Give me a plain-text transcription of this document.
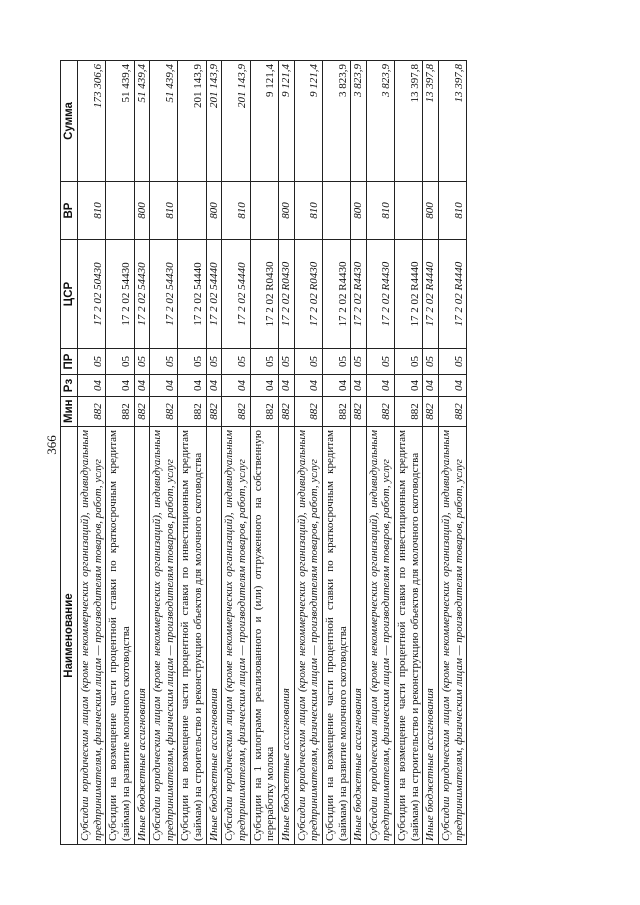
366
Наименование	Мин	Рз	ПР	ЦСР	ВР	Сумма
Субсидии юридическим лицам (кроме некоммерческих организаций), индивидуальным предпринимателям, физическим лицам — производителям товаров, работ, услуг	882	04	05	17 2 02 50430	810	173 306,6
Субсидии на возмещение части процентной ставки по краткосрочным кредитам (займам) на развитие молочного скотоводства	882	04	05	17 2 02 54430		51 439,4
Иные бюджетные ассигнования	882	04	05	17 2 02 54430	800	51 439,4
Субсидии юридическим лицам (кроме некоммерческих организаций), индивидуальным предпринимателям, физическим лицам — производителям товаров, работ, услуг	882	04	05	17 2 02 54430	810	51 439,4
Субсидии на возмещение части процентной ставки по инвестиционным кредитам (займам) на строительство и реконструкцию объектов для молочного скотоводства	882	04	05	17 2 02 54440		201 143,9
Иные бюджетные ассигнования	882	04	05	17 2 02 54440	800	201 143,9
Субсидии юридическим лицам (кроме некоммерческих организаций), индивидуальным предпринимателям, физическим лицам — производителям товаров, работ, услуг	882	04	05	17 2 02 54440	810	201 143,9
Субсидии на 1 килограмм реализованного и (или) отгруженного на собственную переработку молока	882	04	05	17 2 02 R0430		9 121,4
Иные бюджетные ассигнования	882	04	05	17 2 02 R0430	800	9 121,4
Субсидии юридическим лицам (кроме некоммерческих организаций), индивидуальным предпринимателям, физическим лицам — производителям товаров, работ, услуг	882	04	05	17 2 02 R0430	810	9 121,4
Субсидии на возмещение части процентной ставки по краткосрочным кредитам (займам) на развитие молочного скотоводства	882	04	05	17 2 02 R4430		3 823,9
Иные бюджетные ассигнования	882	04	05	17 2 02 R4430	800	3 823,9
Субсидии юридическим лицам (кроме некоммерческих организаций), индивидуальным предпринимателям, физическим лицам — производителям товаров, работ, услуг	882	04	05	17 2 02 R4430	810	3 823,9
Субсидии на возмещение части процентной ставки по инвестиционным кредитам (займам) на строительство и реконструкцию объектов для молочного скотоводства	882	04	05	17 2 02 R4440		13 397,8
Иные бюджетные ассигнования	882	04	05	17 2 02 R4440	800	13 397,8
Субсидии юридическим лицам (кроме некоммерческих организаций), индивидуальным предпринимателям, физическим лицам — производителям товаров, работ, услуг	882	04	05	17 2 02 R4440	810	13 397,8
